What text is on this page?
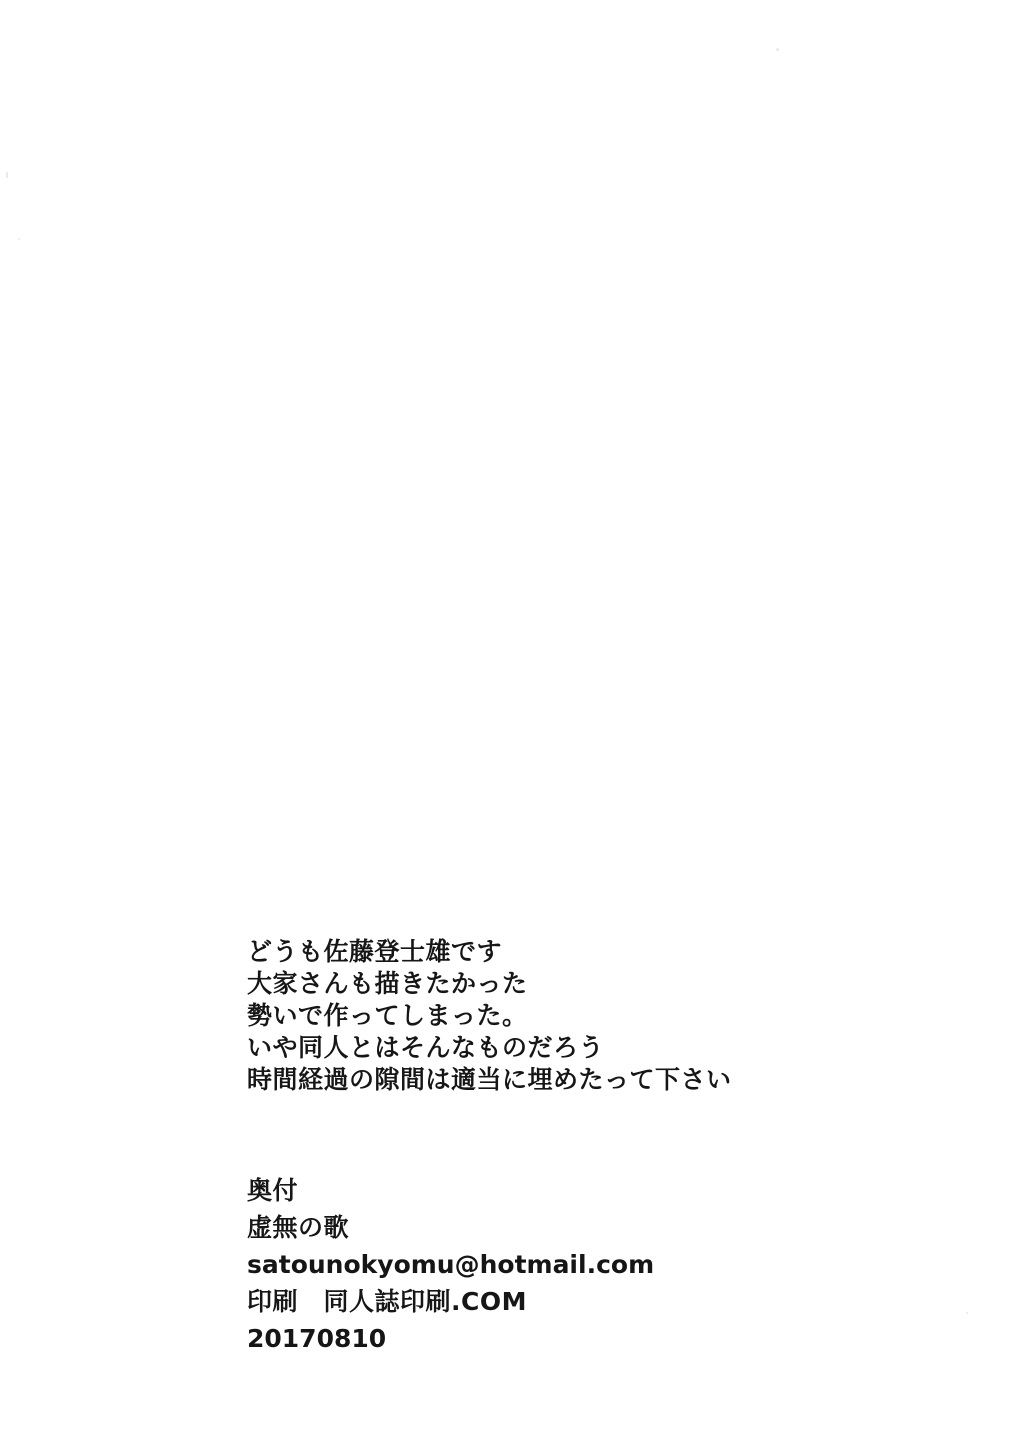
どうも佐藤登士雄です
大家さんも描きたかった
勢いで作ってしまった。
いや同人とはそんなものだろう
時間経過の隙間は適当に埋めたって下さい
奥付
虚無の歌
satounokyomu@hotmail.com
印刷　同人誌印刷.COM
20170810
